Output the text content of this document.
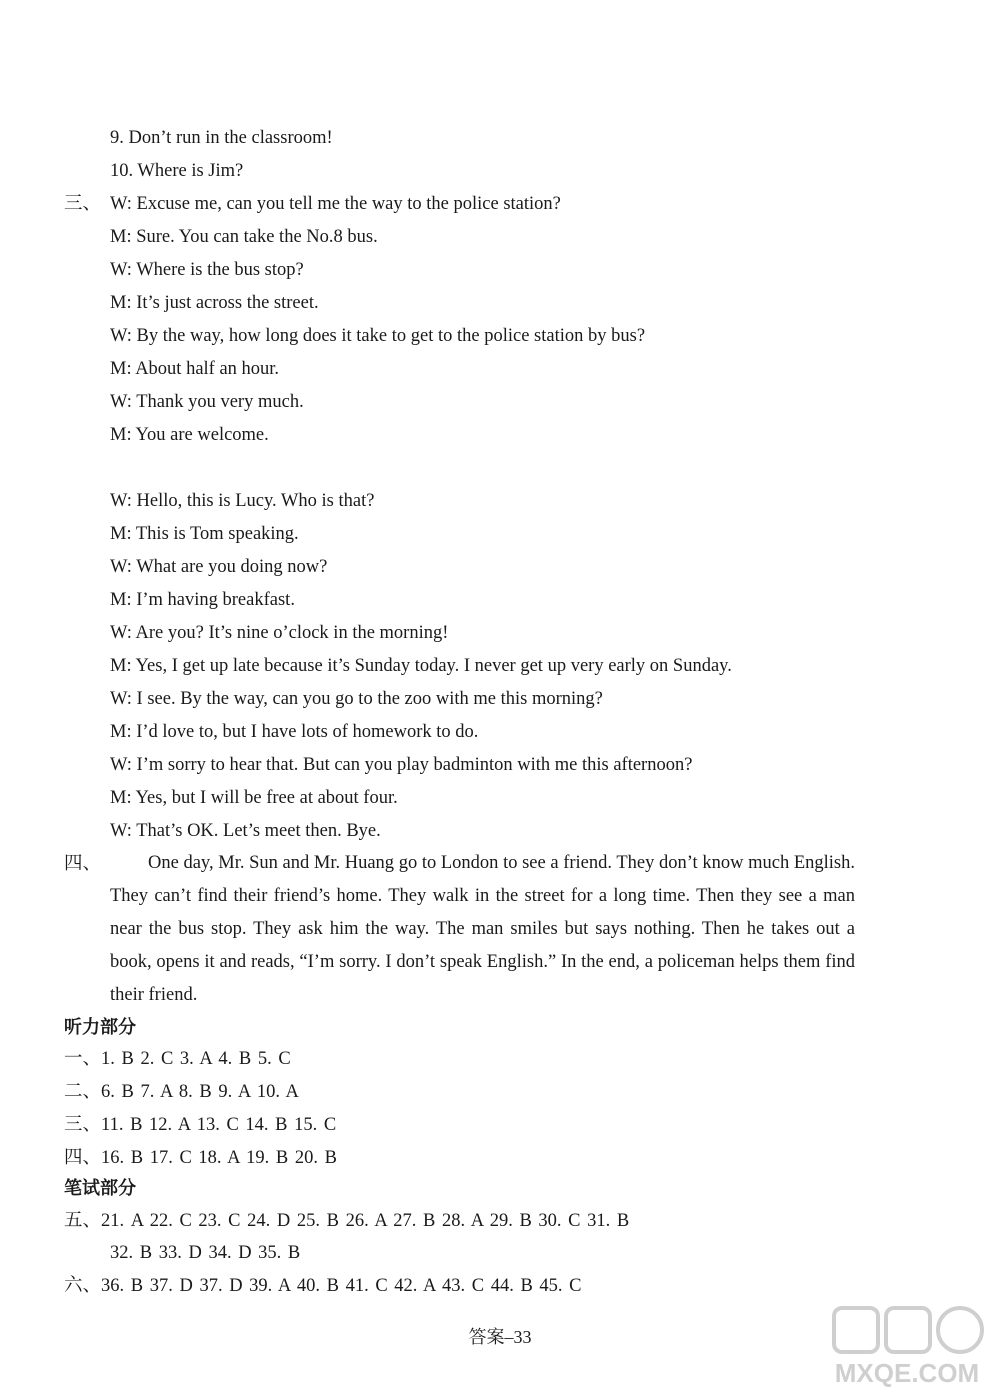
9. Don’t run in the classroom!
10. Where is Jim?
三、 W: Excuse me, can you tell me the way to the police station?
M: Sure. You can take the No.8 bus.
W: Where is the bus stop?
M: It’s just across the street.
W: By the way, how long does it take to get to the police station by bus?
M: About half an hour.
W: Thank you very much.
M: You are welcome.
W: Hello, this is Lucy. Who is that?
M: This is Tom speaking.
W: What are you doing now?
M: I’m having breakfast.
W: Are you? It’s nine o’clock in the morning!
M: Yes, I get up late because it’s Sunday today. I never get up very early on Sunday.
W: I see. By the way, can you go to the zoo with me this morning?
M: I’d love to, but I have lots of homework to do.
W: I’m sorry to hear that. But can you play badminton with me this afternoon?
M: Yes, but I will be free at about four.
W: That’s OK. Let’s meet then. Bye.
四、	One day, Mr. Sun and Mr. Huang go to London to see a friend. They don’t know much English. They can’t find their friend’s home. They walk in the street for a long time. Then they see a man near the bus stop. They ask him the way. The man smiles but says nothing. Then he takes out a book, opens it and reads, “I’m sorry. I don’t speak English.” In the end, a policeman helps them find their friend.
听力部分
一、1. B 2. C 3. A 4. B 5. C
二、6. B 7. A 8. B 9. A 10. A
三、11. B 12. A 13. C 14. B 15. C
四、16. B 17. C 18. A 19. B 20. B
笔试部分
五、21. A 22. C 23. C 24. D 25. B 26. A 27. B 28. A 29. B 30. C 31. B
32. B 33. D 34. D 35. B
六、36. B 37. D 37. D 39. A 40. B 41. C 42. A 43. C 44. B 45. C
答案–33
MXQE.COM
